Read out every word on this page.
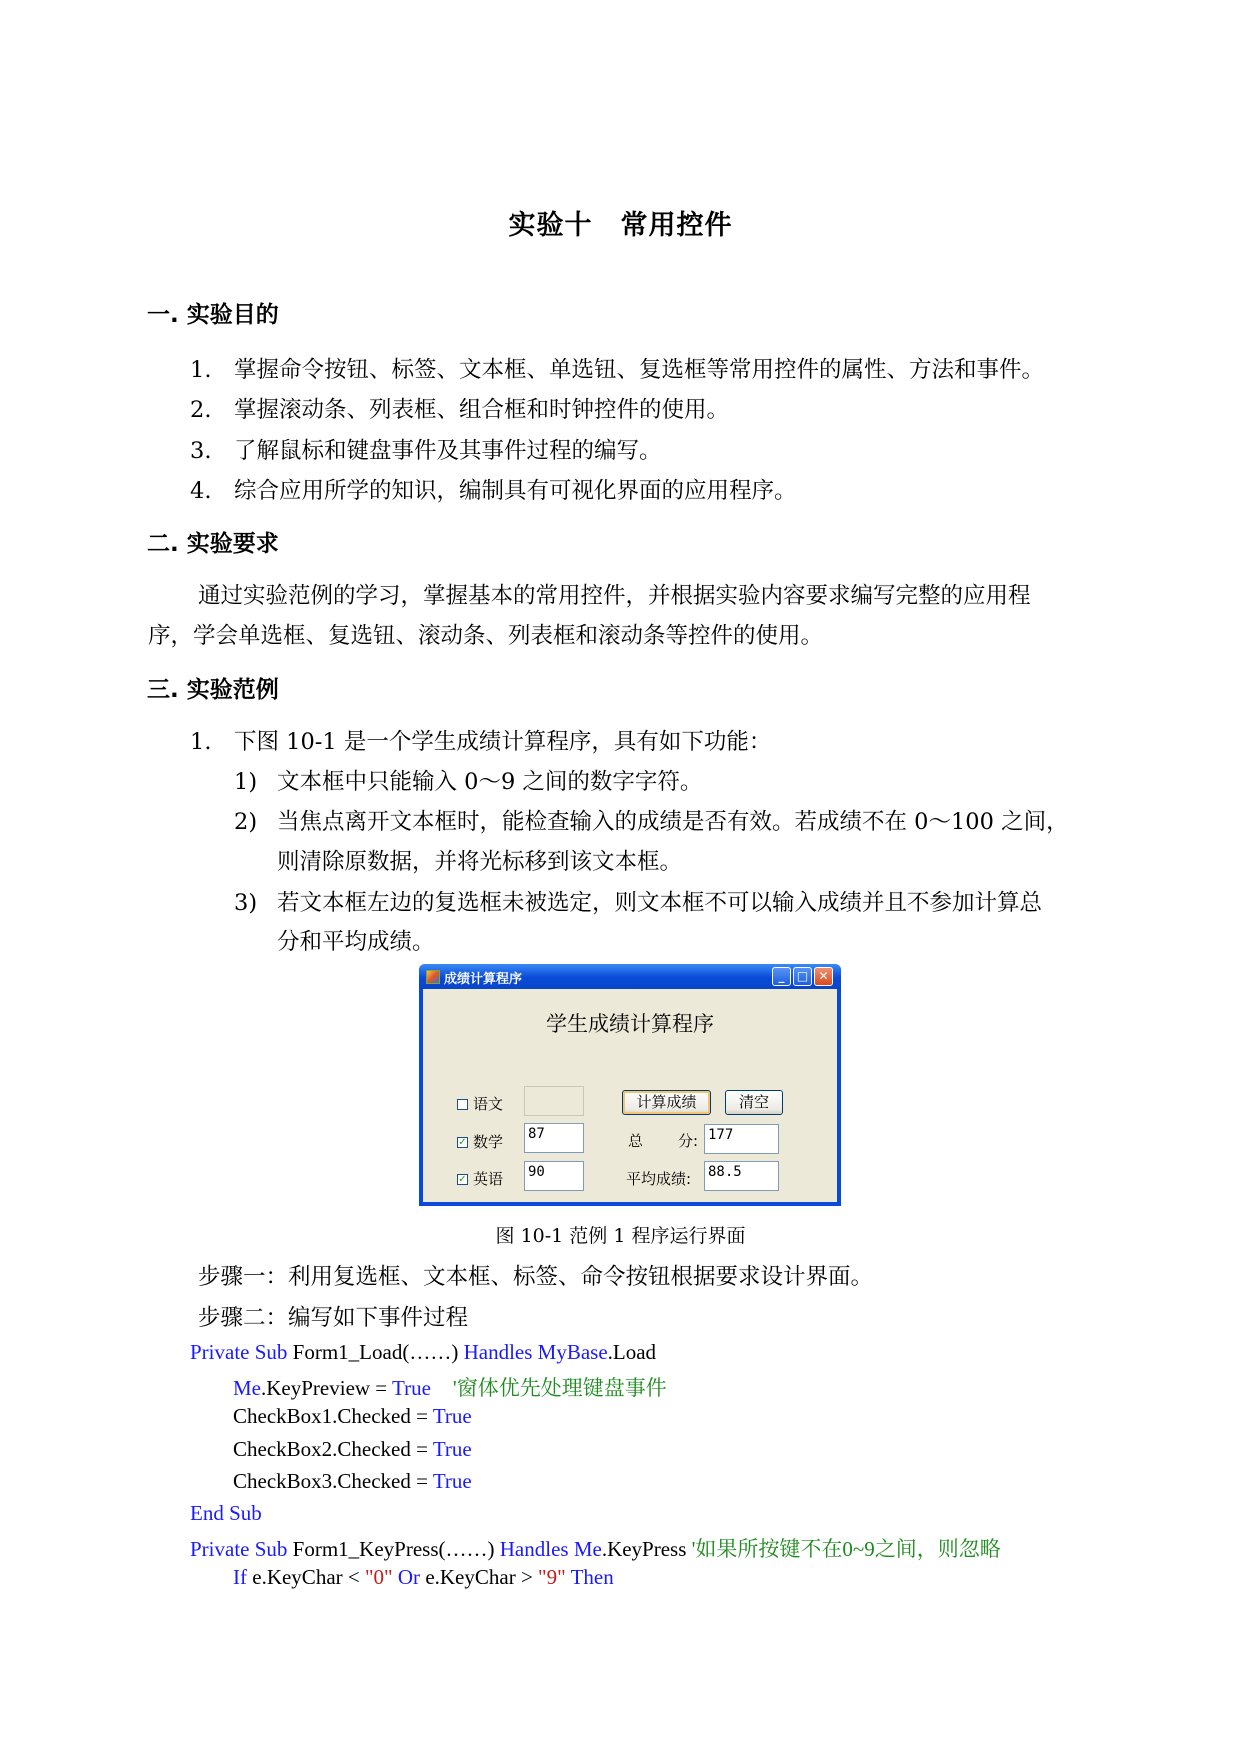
实验十 常用控件
一. 实验目的
1. 掌握命令按钮、标签、文本框、单选钮、复选框等常用控件的属性、方法和事件。
2. 掌握滚动条、列表框、组合框和时钟控件的使用。
3. 了解鼠标和键盘事件及其事件过程的编写。
4. 综合应用所学的知识，编制具有可视化界面的应用程序。
二. 实验要求
通过实验范例的学习，掌握基本的常用控件，并根据实验内容要求编写完整的应用程
序，学会单选框、复选钮、滚动条、列表框和滚动条等控件的使用。
三. 实验范例
1. 下图 10-1 是一个学生成绩计算程序，具有如下功能：
1) 文本框中只能输入 0～9 之间的数字字符。
2) 当焦点离开文本框时，能检查输入的成绩是否有效。若成绩不在 0～100 之间，
则清除原数据，并将光标移到该文本框。
3) 若文本框左边的复选框未被选定，则文本框不可以输入成绩并且不参加计算总
分和平均成绩。
成绩计算程序	_	□ ✕
学生成绩计算程序
语文
✓ 数学 87
✓ 英语 90
计算成绩	清空
总 分: 177
平均成绩: 88.5
图 10-1 范例 1 程序运行界面
步骤一：利用复选框、文本框、标签、命令按钮根据要求设计界面。
步骤二：编写如下事件过程
Private Sub Form1_Load(……) Handles MyBase.Load
Me.KeyPreview = True '窗体优先处理键盘事件
CheckBox1.Checked = True
CheckBox2.Checked = True
CheckBox3.Checked = True
End Sub
Private Sub Form1_KeyPress(……) Handles Me.KeyPress '如果所按键不在0~9之间，则忽略
If e.KeyChar < "0" Or e.KeyChar > "9" Then
